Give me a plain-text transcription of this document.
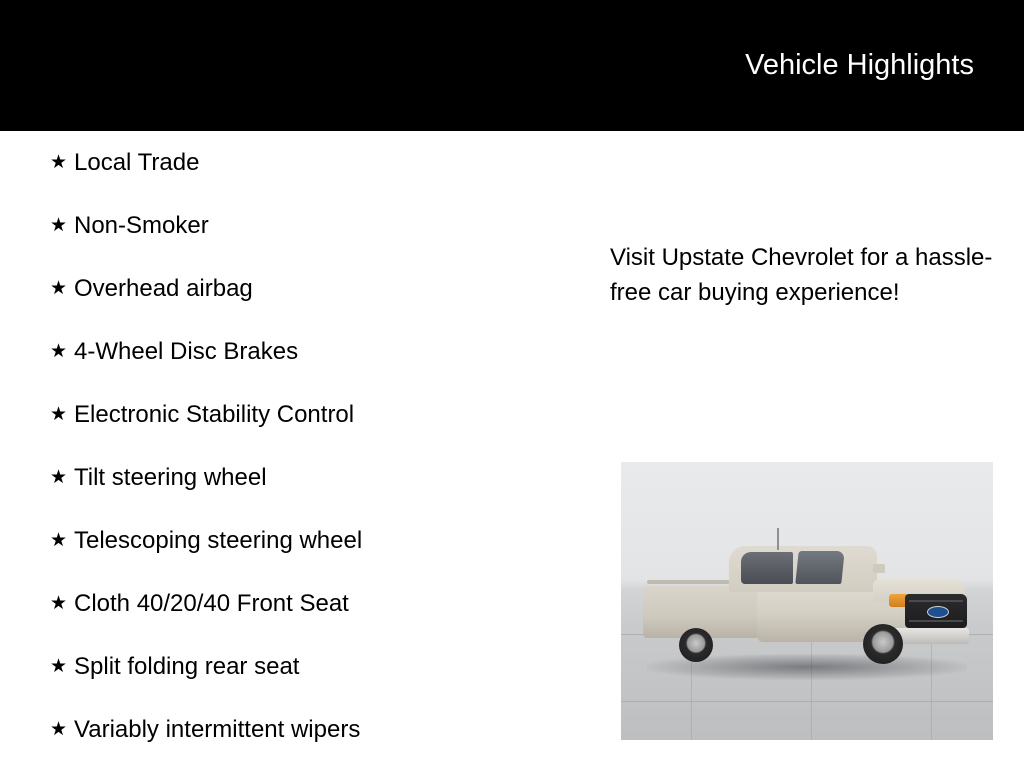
Vehicle Highlights
★ Local Trade
★ Non-Smoker
★ Overhead airbag
★ 4-Wheel Disc Brakes
★ Electronic Stability Control
★ Tilt steering wheel
★ Telescoping steering wheel
★ Cloth 40/20/40 Front Seat
★ Split folding rear seat
★ Variably intermittent wipers
Visit Upstate Chevrolet for a hassle-free car buying experience!
